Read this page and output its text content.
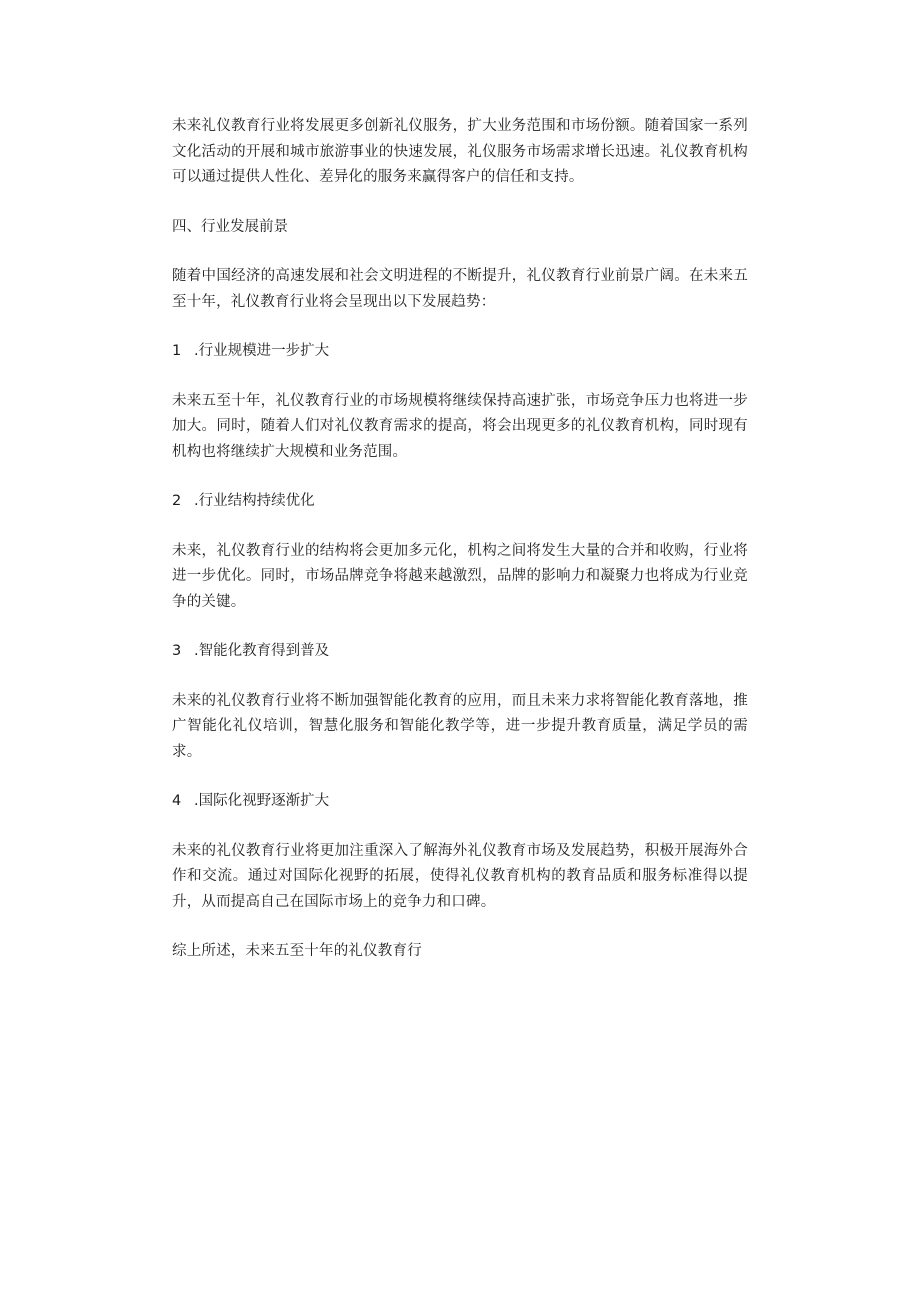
未来礼仪教育行业将发展更多创新礼仪服务，扩大业务范围和市场份额。随着国家一系列文化活动的开展和城市旅游事业的快速发展，礼仪服务市场需求增长迅速。礼仪教育机构可以通过提供人性化、差异化的服务来赢得客户的信任和支持。

四、行业发展前景

随着中国经济的高速发展和社会文明进程的不断提升，礼仪教育行业前景广阔。在未来五至十年，礼仪教育行业将会呈现出以下发展趋势：

1 .行业规模进一步扩大

未来五至十年，礼仪教育行业的市场规模将继续保持高速扩张，市场竞争压力也将进一步加大。同时，随着人们对礼仪教育需求的提高，将会出现更多的礼仪教育机构，同时现有机构也将继续扩大规模和业务范围。

2 .行业结构持续优化

未来，礼仪教育行业的结构将会更加多元化，机构之间将发生大量的合并和收购，行业将进一步优化。同时，市场品牌竞争将越来越激烈，品牌的影响力和凝聚力也将成为行业竞争的关键。

3 .智能化教育得到普及

未来的礼仪教育行业将不断加强智能化教育的应用，而且未来力求将智能化教育落地，推广智能化礼仪培训，智慧化服务和智能化教学等，进一步提升教育质量，满足学员的需求。

4 .国际化视野逐渐扩大

未来的礼仪教育行业将更加注重深入了解海外礼仪教育市场及发展趋势，积极开展海外合作和交流。通过对国际化视野的拓展，使得礼仪教育机构的教育品质和服务标准得以提升，从而提高自己在国际市场上的竞争力和口碑。

综上所述，未来五至十年的礼仪教育行
